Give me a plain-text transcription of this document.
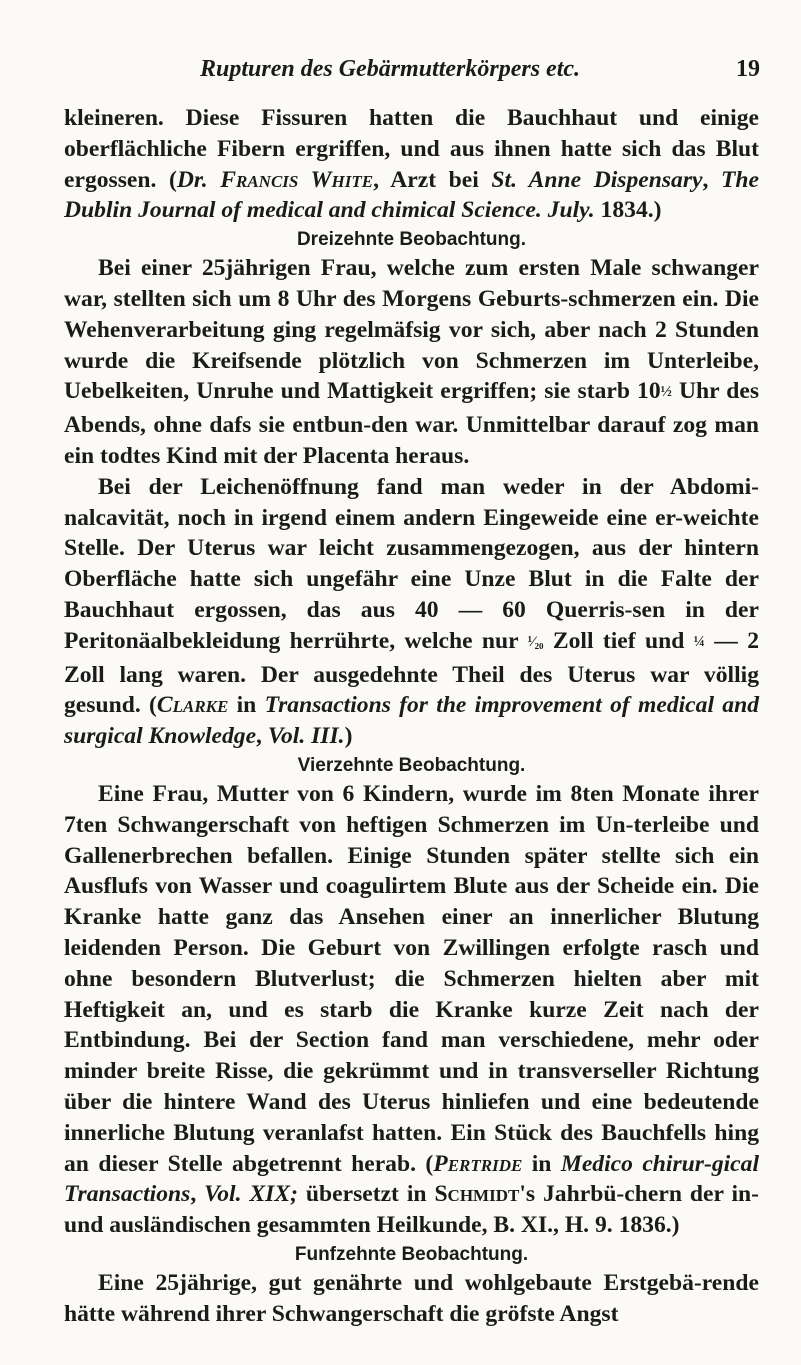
Rupturen des Gebärmutterkörpers etc.	19

kleineren. Diese Fissuren hatten die Bauchhaut und einige oberflächliche Fibern ergriffen, und aus ihnen hatte sich das Blut ergossen. (Dr. Francis White, Arzt bei St. Anne Dispensary, The Dublin Journal of medical and chimical Science. July. 1834.)

Dreizehnte Beobachtung.

Bei einer 25jährigen Frau, welche zum ersten Male schwanger war, stellten sich um 8 Uhr des Morgens Geburts-schmerzen ein. Die Wehenverarbeitung ging regelmäfsig vor sich, aber nach 2 Stunden wurde die Kreifsende plötzlich von Schmerzen im Unterleibe, Uebelkeiten, Unruhe und Mattigkeit ergriffen; sie starb 10½ Uhr des Abends, ohne dafs sie entbun-den war. Unmittelbar darauf zog man ein todtes Kind mit der Placenta heraus.

Bei der Leichenöffnung fand man weder in der Abdomi-nalcavität, noch in irgend einem andern Eingeweide eine er-weichte Stelle. Der Uterus war leicht zusammengezogen, aus der hintern Oberfläche hatte sich ungefähr eine Unze Blut in die Falte der Bauchhaut ergossen, das aus 40 — 60 Querris-sen in der Peritonäalbekleidung herrührte, welche nur ¹⁄₂₀ Zoll tief und ¼ — 2 Zoll lang waren. Der ausgedehnte Theil des Uterus war völlig gesund. (Clarke in Transactions for the improvement of medical and surgical Knowledge, Vol. III.)

Vierzehnte Beobachtung.

Eine Frau, Mutter von 6 Kindern, wurde im 8ten Monate ihrer 7ten Schwangerschaft von heftigen Schmerzen im Un-terleibe und Gallenerbrechen befallen. Einige Stunden später stellte sich ein Ausflufs von Wasser und coagulirtem Blute aus der Scheide ein. Die Kranke hatte ganz das Ansehen einer an innerlicher Blutung leidenden Person. Die Geburt von Zwillingen erfolgte rasch und ohne besondern Blutverlust; die Schmerzen hielten aber mit Heftigkeit an, und es starb die Kranke kurze Zeit nach der Entbindung. Bei der Section fand man verschiedene, mehr oder minder breite Risse, die gekrümmt und in transverseller Richtung über die hintere Wand des Uterus hinliefen und eine bedeutende innerliche Blutung veranlafst hatten. Ein Stück des Bauchfells hing an dieser Stelle abgetrennt herab. (Pertride in Medico chirur-gical Transactions, Vol. XIX; übersetzt in Schmidt's Jahrbü-chern der in- und ausländischen gesammten Heilkunde, B. XI., H. 9. 1836.)

Funfzehnte Beobachtung.

Eine 25jährige, gut genährte und wohlgebaute Erstgebä-rende hätte während ihrer Schwangerschaft die gröfste Angst
